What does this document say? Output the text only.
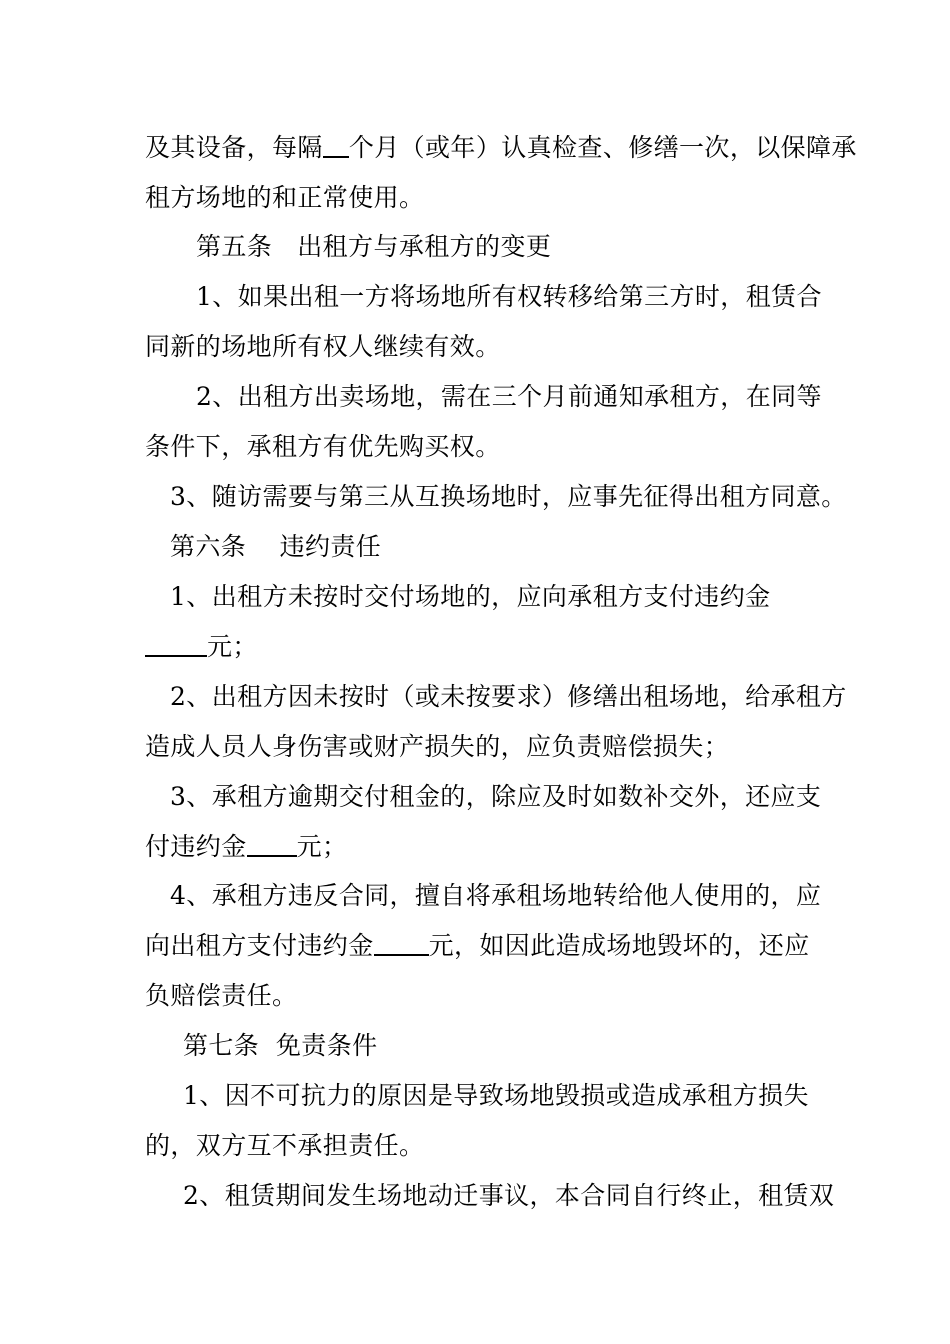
及其设备，每隔 个月（或年）认真检查、修缮一次，以保障承
租方场地的和正常使用。
第五条   出租方与承租方的变更
1、如果出租一方将场地所有权转移给第三方时，租赁合
同新的场地所有权人继续有效。
2、出租方出卖场地，需在三个月前通知承租方，在同等
条件下，承租方有优先购买权。
3、随访需要与第三从互换场地时，应事先征得出租方同意。
第六条    违约责任
1、出租方未按时交付场地的，应向承租方支付违约金
元；
2、出租方因未按时（或未按要求）修缮出租场地，给承租方
造成人员人身伤害或财产损失的，应负责赔偿损失；
3、承租方逾期交付租金的，除应及时如数补交外，还应支
付违约金 元；
4、承租方违反合同，擅自将承租场地转给他人使用的，应
向出租方支付违约金 元，如因此造成场地毁坏的，还应
负赔偿责任。
第七条  免责条件
1、因不可抗力的原因是导致场地毁损或造成承租方损失
的，双方互不承担责任。
2、租赁期间发生场地动迁事议，本合同自行终止，租赁双
